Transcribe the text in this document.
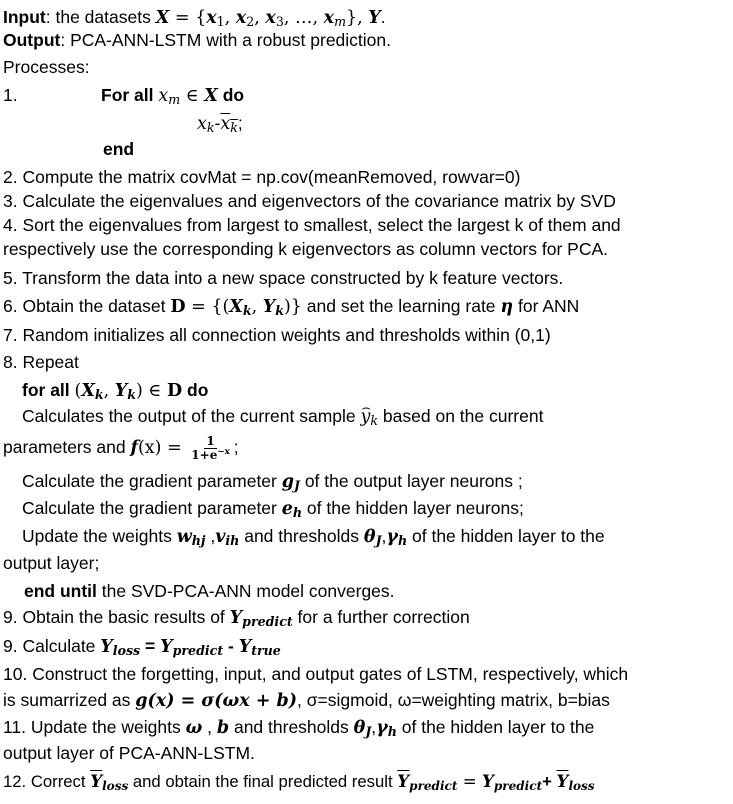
Input: the datasets $X = \{x_1$, $x_2$, $x_3$, …, $x_m$}, Y.
Output: PCA-ANN-LSTM with a robust prediction.
Processes:
1.	For all $x_m$ ∈ X do
$x_k-\overline{x}_{\overline{k}}$;
end
2. Compute the matrix covMat = np.cov(meanRemoved, rowvar=0)
3. Calculate the eigenvalues and eigenvectors of the covariance matrix by SVD
4. Sort the eigenvalues from largest to smallest, select the largest k of them and
respectively use the corresponding k eigenvectors as column vectors for PCA.
5. Transform the data into a new space constructed by k feature vectors.
6. Obtain the dataset $D = \{(X_k$, $Y_k$)} and set the learning rate η for ANN
7. Random initializes all connection weights and thresholds within (0,1)
8. Repeat
for all ($X_k$, $Y_k$) ∈ D do
Calculates the output of the current sample ⌢ $y_k$ based on the current
parameters and $f(x) = \frac{1}{1+e^{-x}}$ ;
Calculate the gradient parameter $g_J$ of the output layer neurons ;
Calculate the gradient parameter $e_h$ of the hidden layer neurons;
Update the weights $w_{hj}$ $,v_{ih}$ and thresholds $\theta_J,\gamma_h$ of the hidden layer to the
output layer;
end until the SVD-PCA-ANN model converges.
9. Obtain the basic results of $Y_{predict}$ for a further correction
9. Calculate $Y_{loss} = Y_{predict} - Y_{true}$
10. Construct the forgetting, input, and output gates of LSTM, respectively, which
is sumarrized as g(x) = σ(ωx + b), σ=sigmoid, ω=weighting matrix, b=bias
11. Update the weights ω , b and thresholds $\theta_J,\gamma_h$ of the hidden layer to the
output layer of PCA-ANN-LSTM.
12. Correct $\overline{Y}_{loss}$ and obtain the final predicted result $\overline{Y}_{predict} = Y_{predict}+ \overline{Y}_{loss}$
